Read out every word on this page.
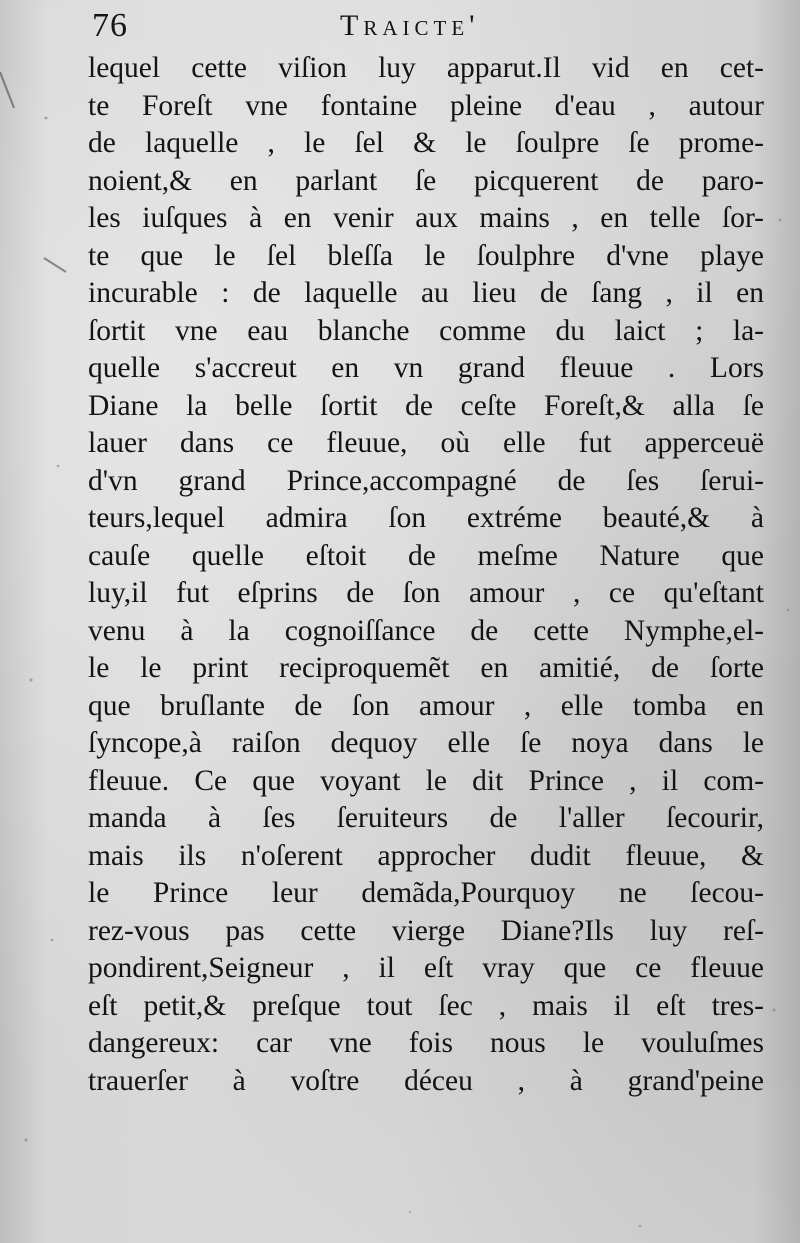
76	Traicte'
lequel cette viſion luy apparut.Il vid en cet-
te Foreſt vne fontaine pleine d'eau , autour
de laquelle , le ſel & le ſoulpre ſe prome-
noient,& en parlant ſe picquerent de paro-
les iuſques à en venir aux mains , en telle ſor-
te que le ſel bleſſa le ſoulphre d'vne playe
incurable : de laquelle au lieu de ſang , il en
ſortit vne eau blanche comme du laict ; la-
quelle s'accreut en vn grand fleuue . Lors
Diane la belle ſortit de ceſte Foreſt,& alla ſe
lauer dans ce fleuue, où elle fut apperceuë
d'vn grand Prince,accompagné de ſes ſerui-
teurs,lequel admira ſon extréme beauté,& à
cauſe quelle eſtoit de meſme Nature que
luy,il fut eſprins de ſon amour , ce qu'eſtant
venu à la cognoiſſance de cette Nymphe,el-
le le print reciproquemẽt en amitié, de ſorte
que bruſlante de ſon amour , elle tomba en
ſyncope,à raiſon dequoy elle ſe noya dans le
fleuue. Ce que voyant le dit Prince , il com-
manda à ſes ſeruiteurs de l'aller ſecourir,
mais ils n'oſerent approcher dudit fleuue, &
le Prince leur demãda,Pourquoy ne ſecou-
rez-vous pas cette vierge Diane?Ils luy reſ-
pondirent,Seigneur , il eſt vray que ce fleuue
eſt petit,& preſque tout ſec , mais il eſt tres-
dangereux: car vne fois nous le vouluſmes
trauerſer à voſtre déceu , à grand'peine
